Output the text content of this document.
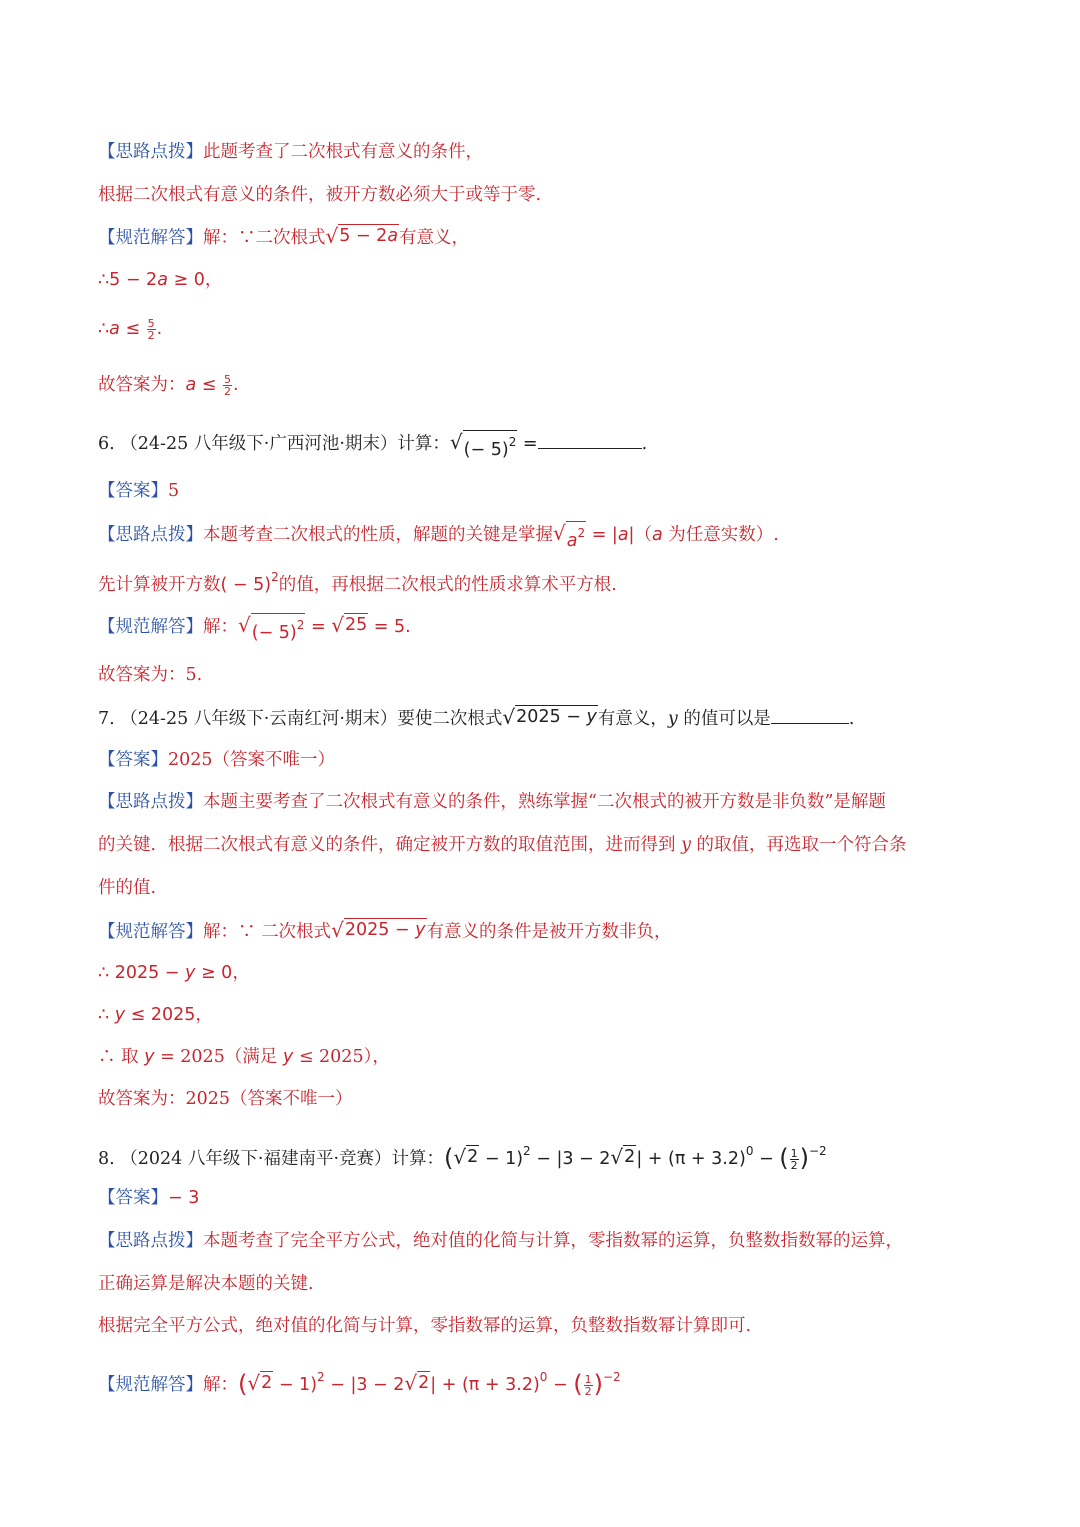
【思路点拨】此题考查了二次根式有意义的条件，
根据二次根式有意义的条件，被开方数必须大于或等于零.
【规范解答】解：∵二次根式 √ 5 − 2a 有意义，
∴5 − 2a ≥ 0，
∴a ≤ $\frac{5}{2}$ .
故答案为：$a \le \frac{5}{2}$ .
6. （24-25 八年级下·广西河池·期末）计算： √ (− 5)$^2$ =	.
【答案】5
【思路点拨】本题考查二次根式的性质，解题的关键是掌握 √ $a^2 = |a|(a$ 为任意实数）.
先计算被开方数( − 5)$^2$的值，再根据二次根式的性质求算术平方根.
【规范解答】解： √ (− 5)$^2$ = √ 25 = 5.
故答案为：5.
7. （24-25 八年级下·云南红河·期末）要使二次根式 √ 2025 − y 有意义，y 的值可以是	.
【答案】2025（答案不唯一）
【思路点拨】本题主要考查了二次根式有意义的条件，熟练掌握“二次根式的被开方数是非负数”是解题
的关键．根据二次根式有意义的条件，确定被开方数的取值范围，进而得到 y 的取值，再选取一个符合条
件的值.
【规范解答】解：∵ 二次根式 √ 2025 − y 有意义的条件是被开方数非负，
∴ 2025 − y ≥ 0，
∴ y ≤ 2025，
∴ 取 y = 2025（满足 y ≤ 2025），
故答案为：2025（答案不唯一）
8. （2024 八年级下·福建南平·竞赛）计算：( √ 2 − 1)$^2$ − |3 − 2 √ 2 | + $(\pi + 3.2)^0$ − ( $\frac{1}{2} )^{-2}$
【答案】− 3
【思路点拨】本题考查了完全平方公式，绝对值的化简与计算，零指数幂的运算，负整数指数幂的运算，
正确运算是解决本题的关键.
根据完全平方公式，绝对值的化简与计算，零指数幂的运算，负整数指数幂计算即可.
【规范解答】解：( √ 2 − 1)$^2$ − |3 − 2 √ 2 | + $(\pi + 3.2)^0$ − ( $\frac{1}{2} )^{-2}$
